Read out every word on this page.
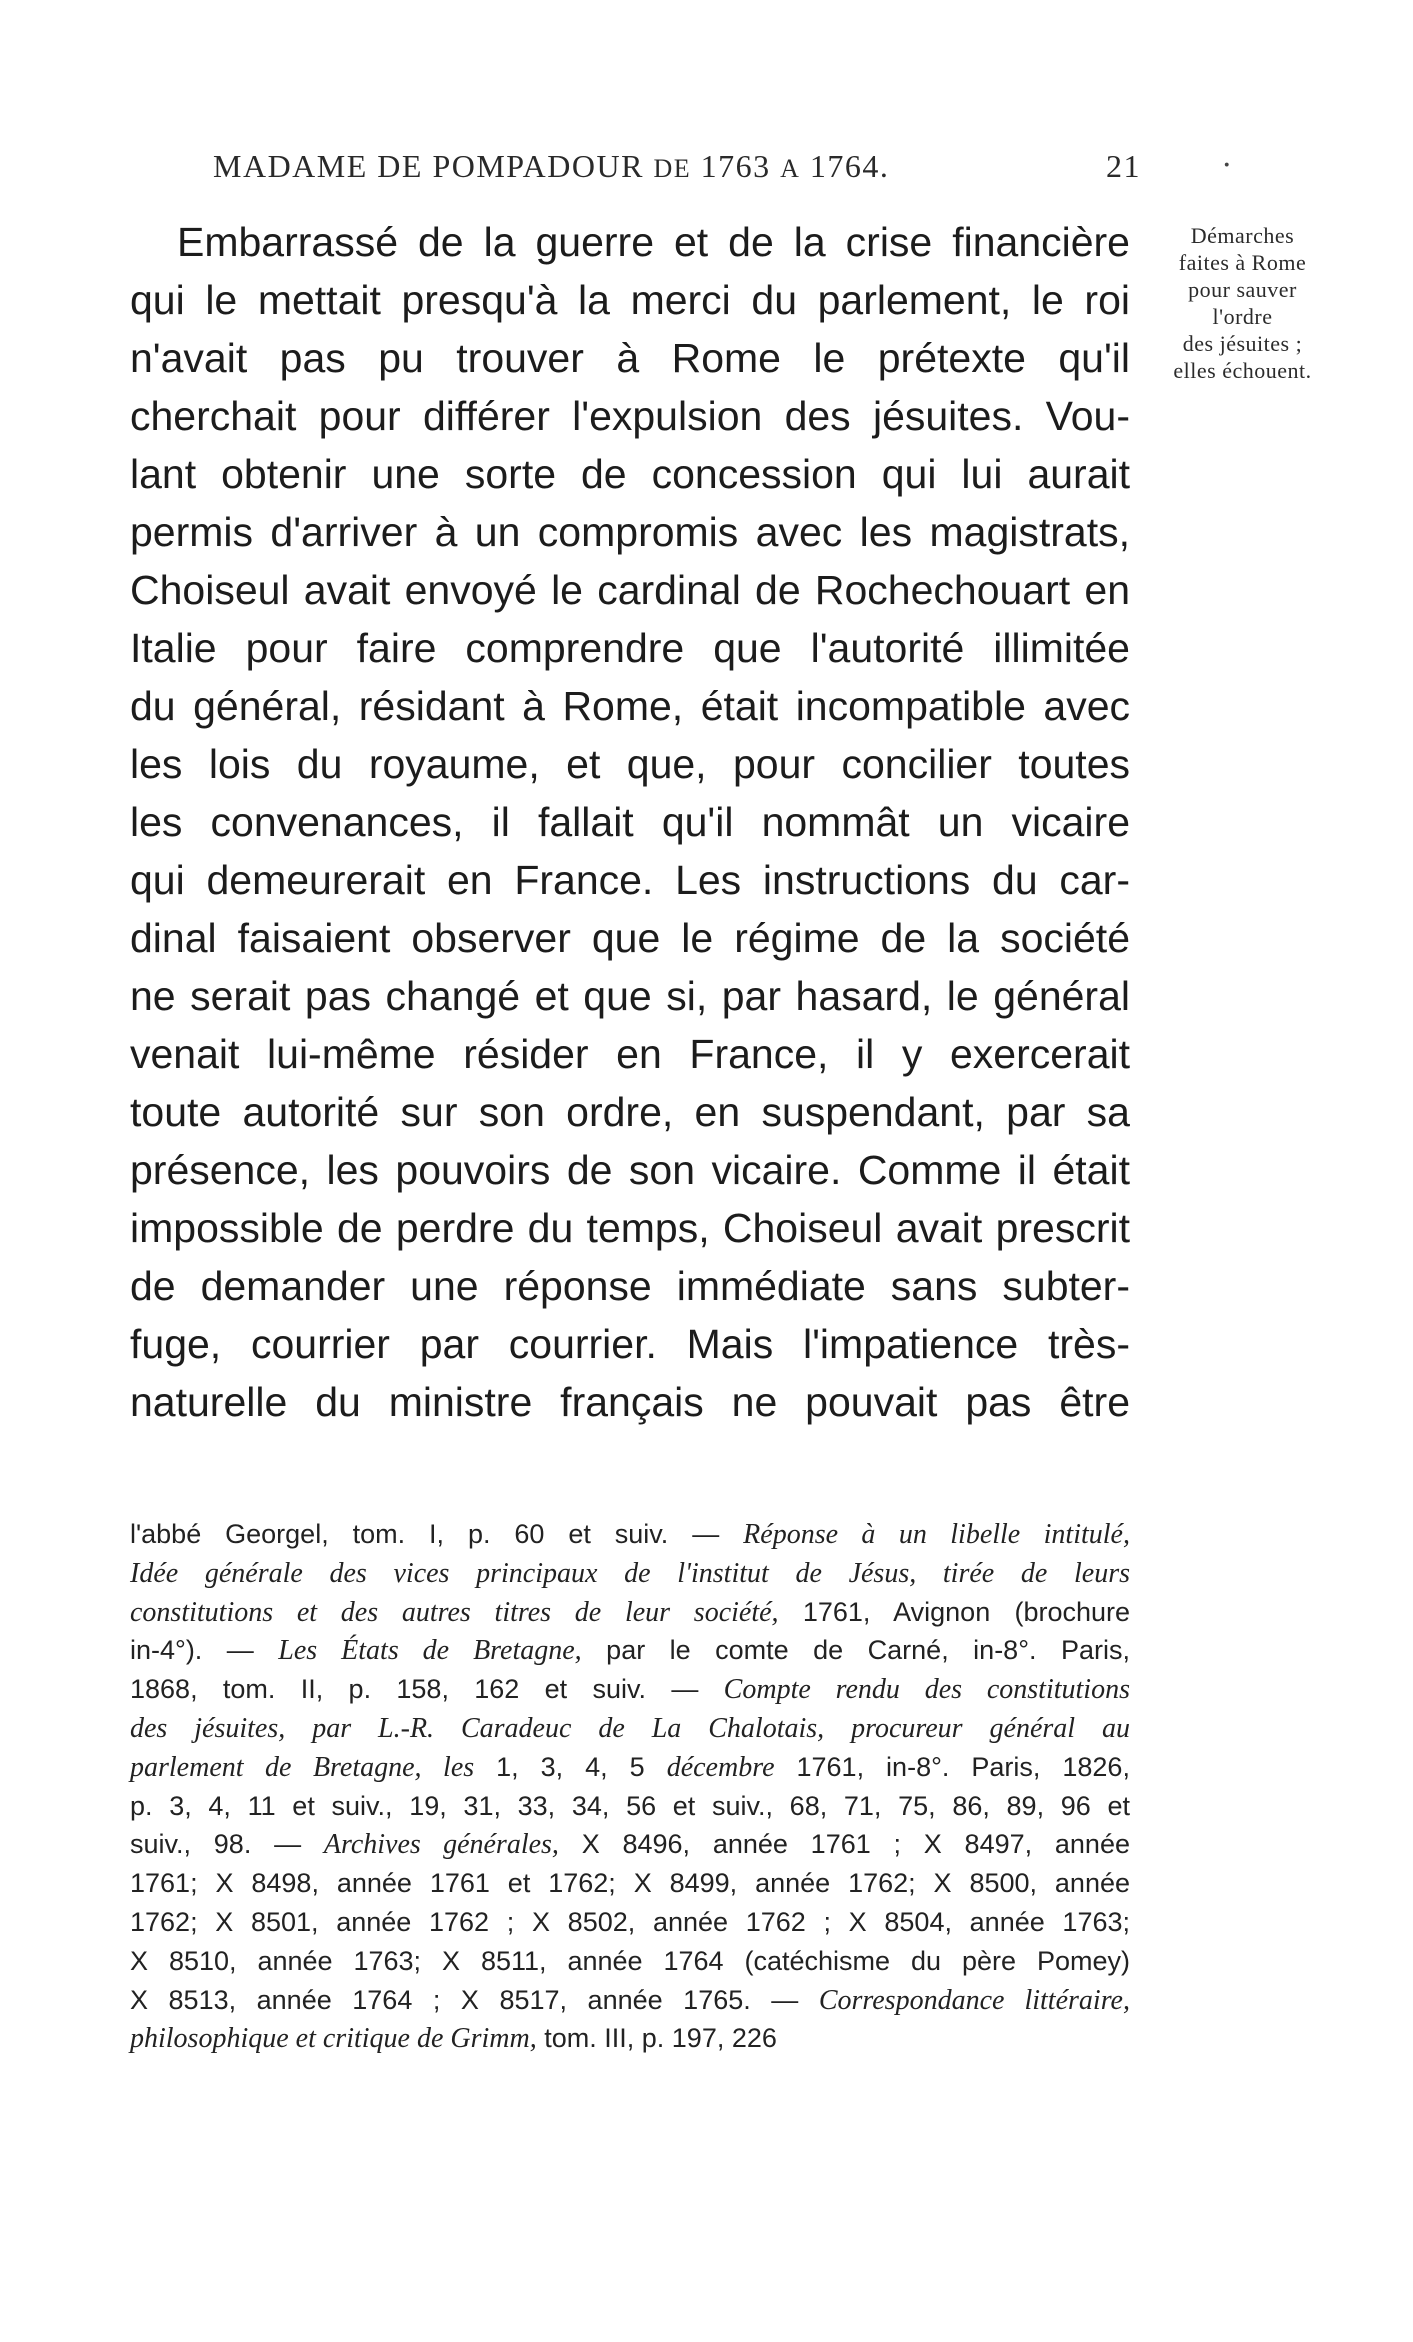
·
MADAME DE POMPADOUR DE 1763 A 1764.	21
Démarches
faites à Rome
pour sauver
l'ordre
des jésuites ;
elles échouent.
Embarrassé de la guerre et de la crise financière
qui le mettait presqu'à la merci du parlement, le roi
n'avait pas pu trouver à Rome le prétexte qu'il
cherchait pour différer l'expulsion des jésuites. Vou-
lant obtenir une sorte de concession qui lui aurait
permis d'arriver à un compromis avec les magistrats,
Choiseul avait envoyé le cardinal de Rochechouart en
Italie pour faire comprendre que l'autorité illimitée
du général, résidant à Rome, était incompatible avec
les lois du royaume, et que, pour concilier toutes
les convenances, il fallait qu'il nommât un vicaire
qui demeurerait en France. Les instructions du car-
dinal faisaient observer que le régime de la société
ne serait pas changé et que si, par hasard, le général
venait lui-même résider en France, il y exercerait
toute autorité sur son ordre, en suspendant, par sa
présence, les pouvoirs de son vicaire. Comme il était
impossible de perdre du temps, Choiseul avait prescrit
de demander une réponse immédiate sans subter-
fuge, courrier par courrier. Mais l'impatience très-
naturelle du ministre français ne pouvait pas être
l'abbé Georgel, tom. I, p. 60 et suiv. — Réponse à un libelle intitulé,
Idée générale des vices principaux de l'institut de Jésus, tirée de leurs
constitutions et des autres titres de leur société, 1761, Avignon (brochure
in-4°). — Les États de Bretagne, par le comte de Carné, in-8°. Paris,
1868, tom. II, p. 158, 162 et suiv. — Compte rendu des constitutions
des jésuites, par L.-R. Caradeuc de La Chalotais, procureur général au
parlement de Bretagne, les 1, 3, 4, 5 décembre 1761, in-8°. Paris, 1826,
p. 3, 4, 11 et suiv., 19, 31, 33, 34, 56 et suiv., 68, 71, 75, 86, 89, 96 et
suiv., 98. — Archives générales, X 8496, année 1761 ; X 8497, année
1761; X 8498, année 1761 et 1762; X 8499, année 1762; X 8500, année
1762; X 8501, année 1762 ; X 8502, année 1762 ; X 8504, année 1763;
X 8510, année 1763; X 8511, année 1764 (catéchisme du père Pomey)
X 8513, année 1764 ; X 8517, année 1765. — Correspondance littéraire,
philosophique et critique de Grimm, tom. III, p. 197, 226
